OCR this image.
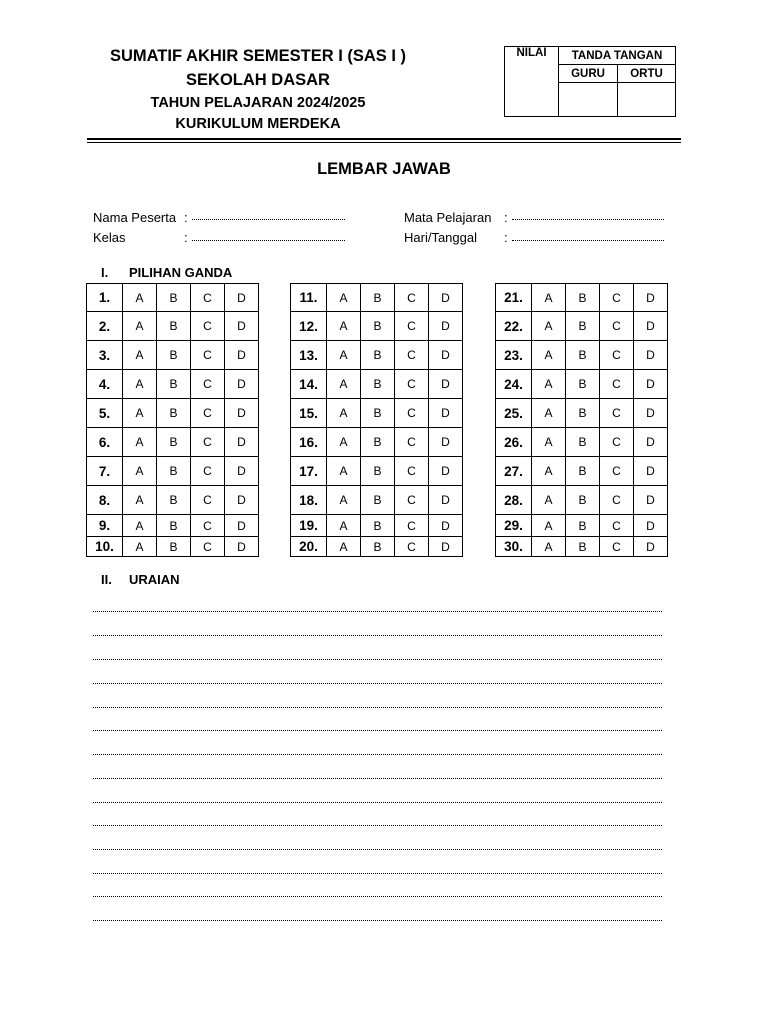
SUMATIF AKHIR SEMESTER I (SAS I )
SEKOLAH DASAR
TAHUN PELAJARAN 2024/2025
KURIKULUM MERDEKA
NILAI	TANDA TANGAN	
	GURU	ORTU

LEMBAR JAWAB
Nama Peserta :
Kelas	:
Mata Pelajaran :
Hari/Tanggal :
I. PILIHAN GANDA
1.	A	B	C	D
2.	A	B	C	D
3.	A	B	C	D
4.	A	B	C	D
5.	A	B	C	D
6.	A	B	C	D
7.	A	B	C	D
8.	A	B	C	D
9.	A	B	C	D
10.	A	B	C	D
11.	A	B	C	D
12.	A	B	C	D
13.	A	B	C	D
14.	A	B	C	D
15.	A	B	C	D
16.	A	B	C	D
17.	A	B	C	D
18.	A	B	C	D
19.	A	B	C	D
20.	A	B	C	D
21.	A	B	C	D
22.	A	B	C	D
23.	A	B	C	D
24.	A	B	C	D
25.	A	B	C	D
26.	A	B	C	D
27.	A	B	C	D
28.	A	B	C	D
29.	A	B	C	D
30.	A	B	C	D
II. URAIAN
